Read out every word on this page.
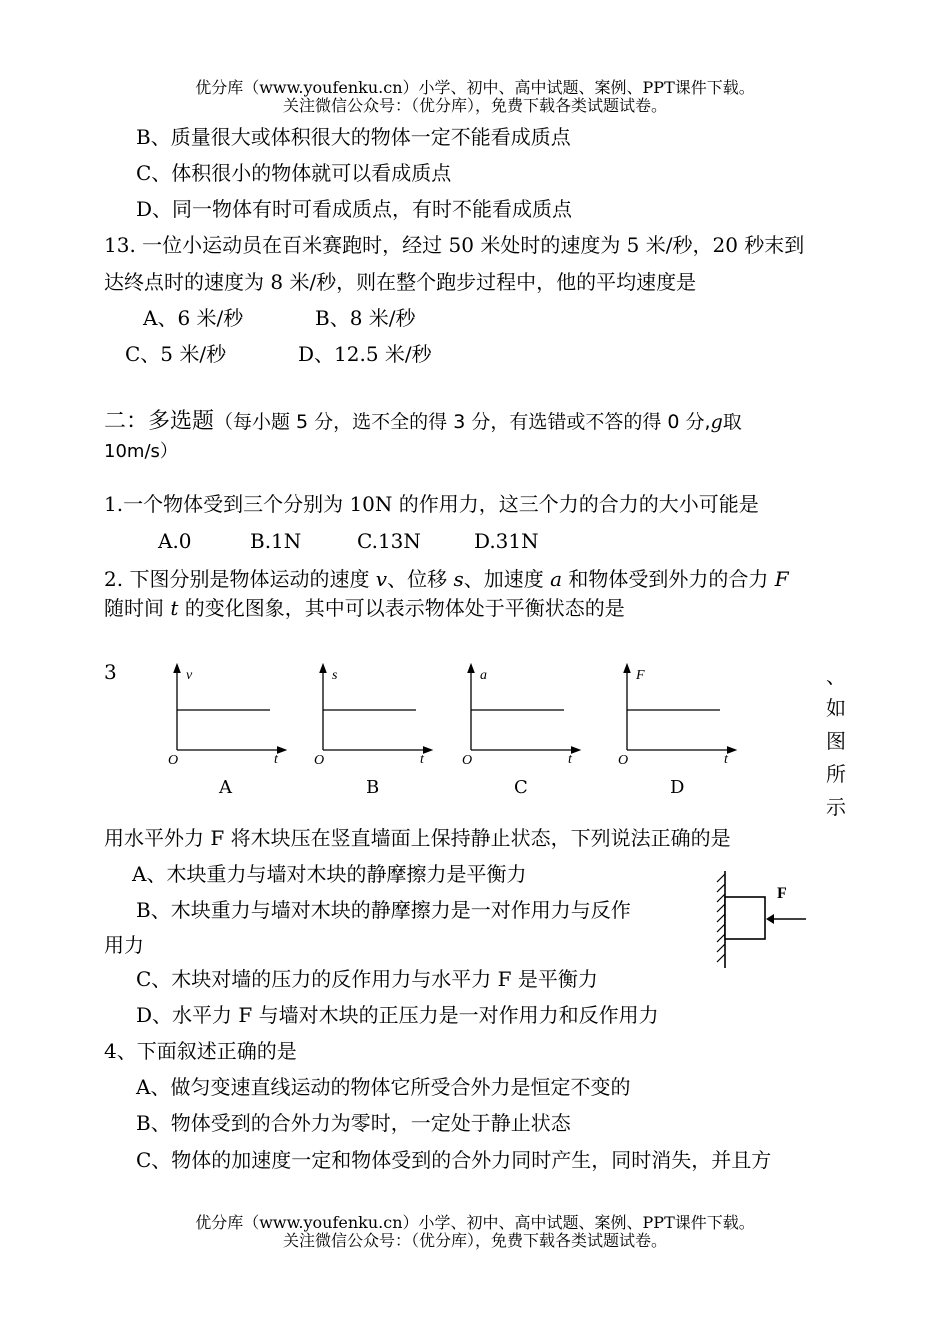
优分库（www.youfenku.cn）小学、初中、高中试题、案例、PPT课件下载。
关注微信公众号：（优分库），免费下载各类试题试卷。
B、质量很大或体积很大的物体一定不能看成质点
C、体积很小的物体就可以看成质点
D、同一物体有时可看成质点，有时不能看成质点
13. 一位小运动员在百米赛跑时，经过 50 米处时的速度为 5 米/秒，20 秒末到
达终点时的速度为 8 米/秒，则在整个跑步过程中，他的平均速度是
A、6 米/秒	B、8 米/秒
C、5 米/秒	D、12.5 米/秒
二：多选题（每小题 5 分，选不全的得 3 分，有选错或不答的得 0 分,g取
10m/s）
1.一个物体受到三个分别为 10N 的作用力，这三个力的合力的大小可能是
A.0	B.1N	C.13N	D.31N
2. 下图分别是物体运动的速度 v、位移 s、加速度 a 和物体受到外力的合力 F
随时间 t 的变化图象，其中可以表示物体处于平衡状态的是
3	v
O	t
s
O	t
a
O	t
F
O	t
A	B	C	D
、
如
图
所
示
用水平外力 F 将木块压在竖直墙面上保持静止状态，下列说法正确的是
A、木块重力与墙对木块的静摩擦力是平衡力
B、木块重力与墙对木块的静摩擦力是一对作用力与反作
用力
C、木块对墙的压力的反作用力与水平力 F 是平衡力
D、水平力 F 与墙对木块的正压力是一对作用力和反作用力
F
4、下面叙述正确的是
A、做匀变速直线运动的物体它所受合外力是恒定不变的
B、物体受到的合外力为零时，一定处于静止状态
C、物体的加速度一定和物体受到的合外力同时产生，同时消失，并且方
优分库（www.youfenku.cn）小学、初中、高中试题、案例、PPT课件下载。
关注微信公众号：（优分库），免费下载各类试题试卷。
